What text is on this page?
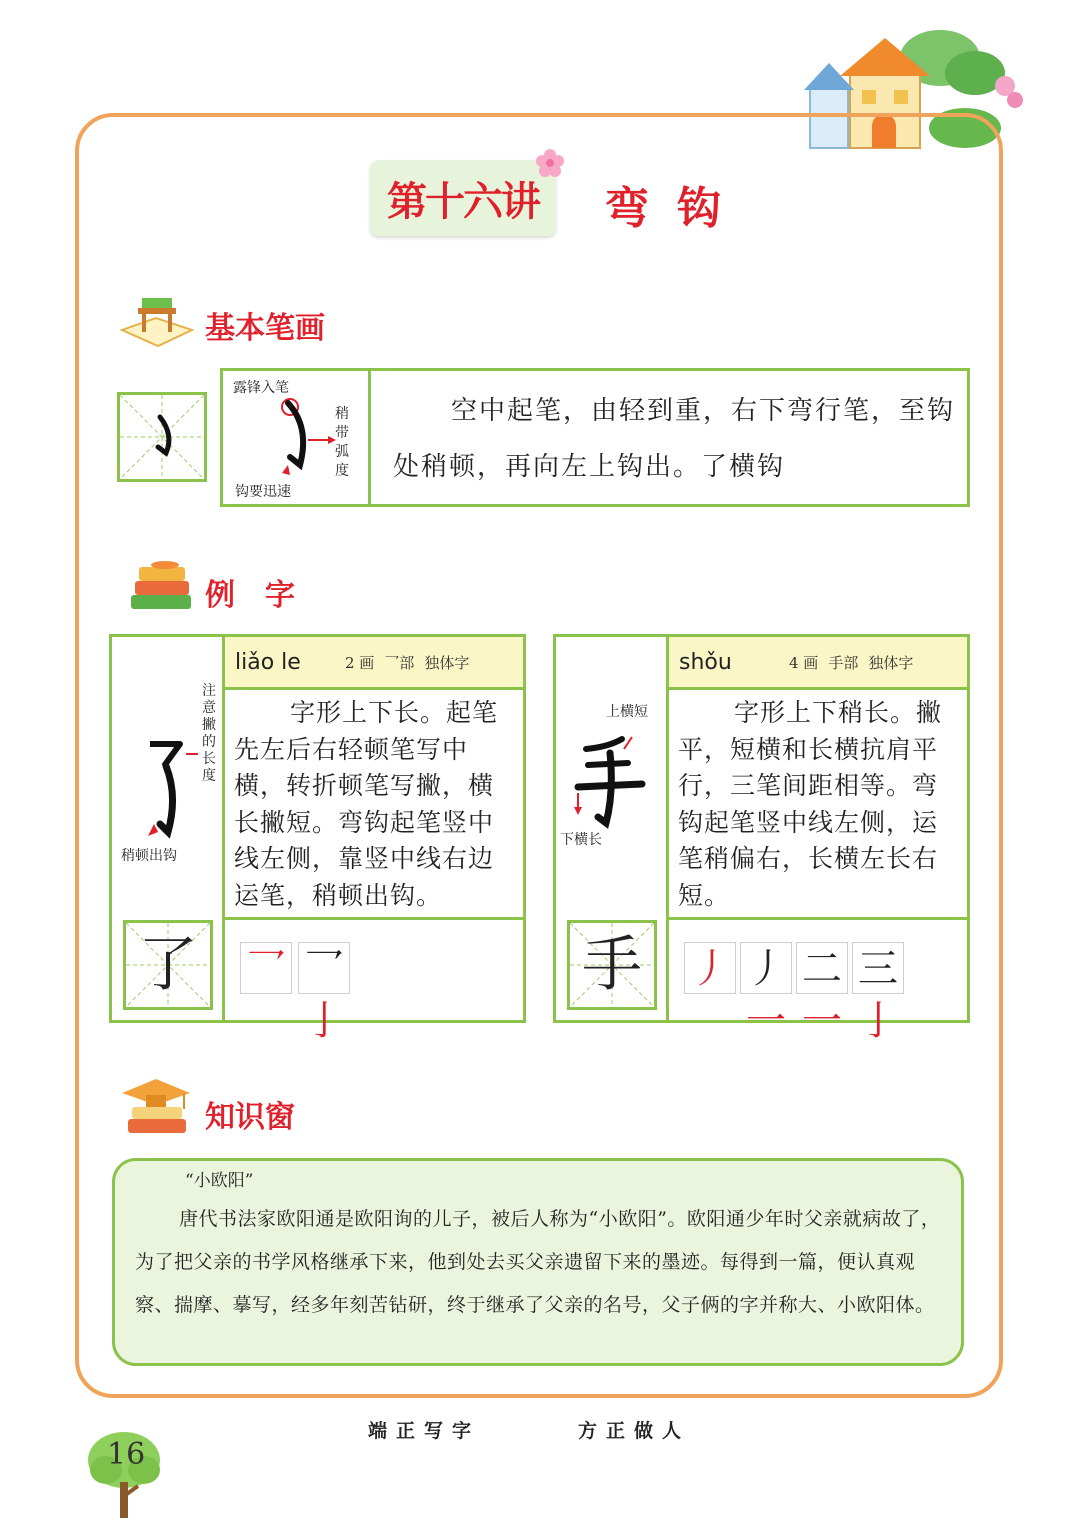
第十六讲	弯钩
基本笔画
露锋入笔
稍带弧度
钩要迅速
空中起笔，由轻到重，右下弯行笔，至钩处稍顿，再向左上钩出。了横钩
例　字
注意撇的长度
稍顿出钩
了
liǎo le	2 画 乛部 独体字
字形上下长。起笔先左后右轻顿笔写中横，转折顿笔写撇，横长撇短。弯钩起笔竖中线左侧，靠竖中线右边运笔，稍顿出钩。
乛 乛亅
上横短
下横长
手
shǒu	4 画 手部 独体字
字形上下稍长。撇平，短横和长横抗肩平行，三笔间距相等。弯钩起笔竖中线左侧，运笔稍偏右，长横左长右短。
丿 丿一
二一
三亅
知识窗
“小欧阳”
唐代书法家欧阳通是欧阳询的儿子，被后人称为“小欧阳”。欧阳通少年时父亲就病故了，为了把父亲的书学风格继承下来，他到处去买父亲遗留下来的墨迹。每得到一篇，便认真观察、揣摩、摹写，经多年刻苦钻研，终于继承了父亲的名号，父子俩的字并称大、小欧阳体。
端正写字	方正做人
16
